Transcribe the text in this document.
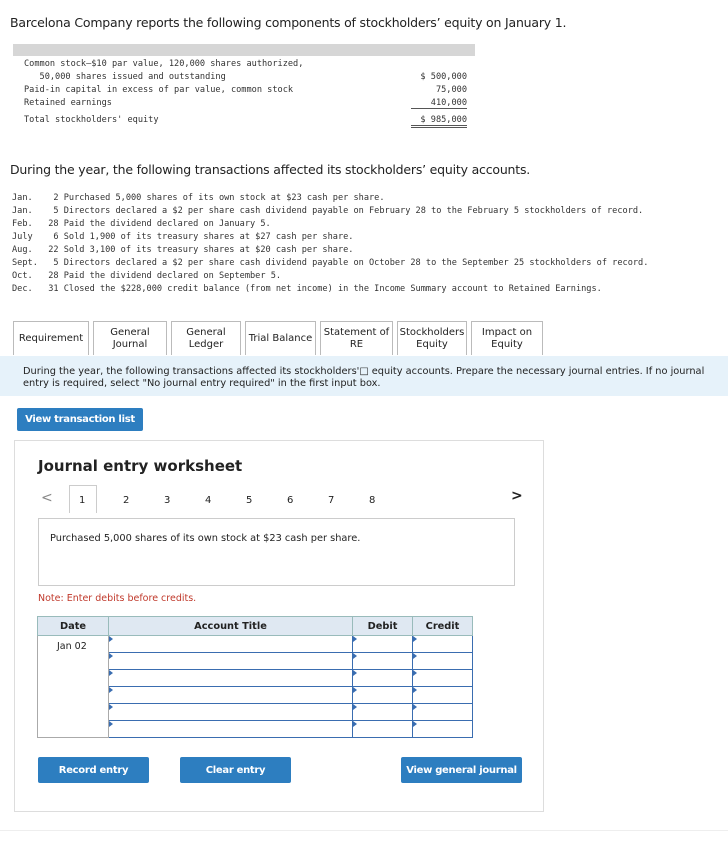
Barcelona Company reports the following components of stockholders’ equity on January 1.
Common stock—$10 par value, 120,000 shares authorized,
50,000 shares issued and outstanding	$ 500,000
Paid-in capital in excess of par value, common stock	75,000
Retained earnings	410,000
Total stockholders' equity	$ 985,000
During the year, the following transactions affected its stockholders’ equity accounts.
Jan.    2 Purchased 5,000 shares of its own stock at $23 cash per share.
Jan.    5 Directors declared a $2 per share cash dividend payable on February 28 to the February 5 stockholders of record.
Feb.   28 Paid the dividend declared on January 5.
July    6 Sold 1,900 of its treasury shares at $27 cash per share.
Aug.   22 Sold 3,100 of its treasury shares at $20 cash per share.
Sept.   5 Directors declared a $2 per share cash dividend payable on October 28 to the September 25 stockholders of record.
Oct.   28 Paid the dividend declared on September 5.
Dec.   31 Closed the $228,000 credit balance (from net income) in the Income Summary account to Retained Earnings.
Requirement
General
Journal
General
Ledger
Trial Balance
Statement of
RE
Stockholders
Equity
Impact on
Equity
During the year, the following transactions affected its stockholders'□ equity accounts. Prepare the necessary journal entries. If no journal entry is required, select "No journal entry required" in the first input box.
View transaction list
Journal entry worksheet
<	1	2	3	4	5	6	7	8	>
Purchased 5,000 shares of its own stock at $23 cash per share.
Note: Enter debits before credits.
Date	Account Title	Debit	Credit
Jan 02			

Record entry	Clear entry	View general journal
